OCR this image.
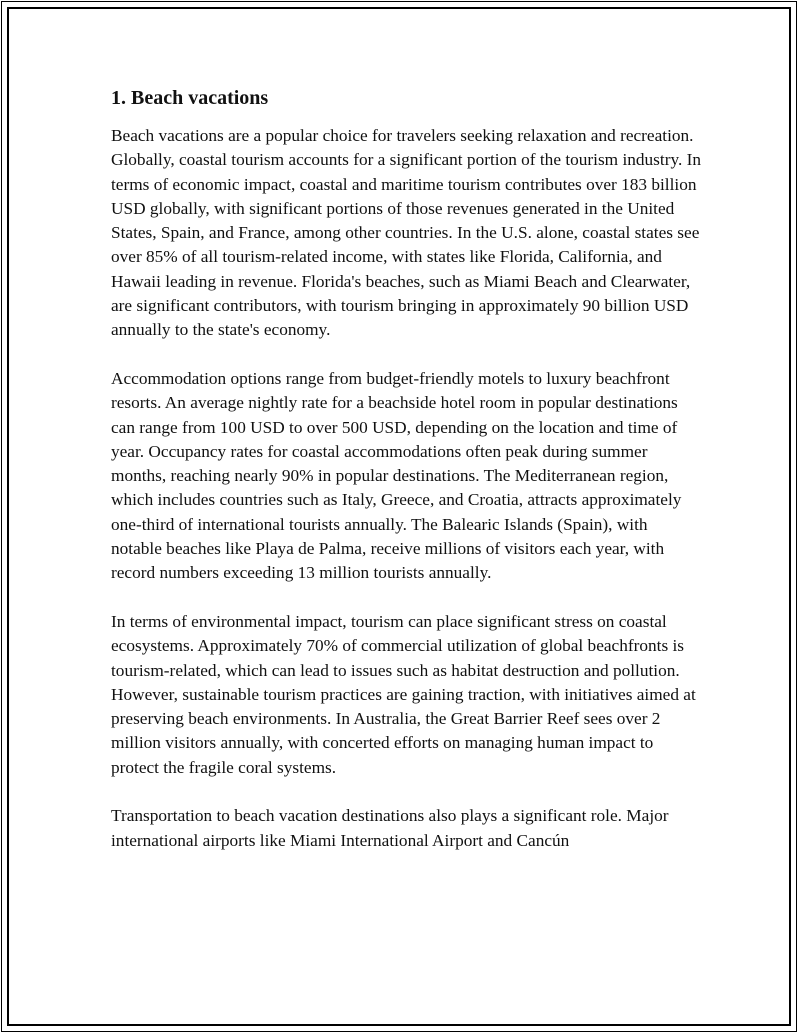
1. Beach vacations

Beach vacations are a popular choice for travelers seeking relaxation and recreation. Globally, coastal tourism accounts for a significant portion of the tourism industry. In terms of economic impact, coastal and maritime tourism contributes over 183 billion USD globally, with significant portions of those revenues generated in the United States, Spain, and France, among other countries. In the U.S. alone, coastal states see over 85% of all tourism-related income, with states like Florida, California, and Hawaii leading in revenue. Florida's beaches, such as Miami Beach and Clearwater, are significant contributors, with tourism bringing in approximately 90 billion USD annually to the state's economy.

Accommodation options range from budget-friendly motels to luxury beachfront resorts. An average nightly rate for a beachside hotel room in popular destinations can range from 100 USD to over 500 USD, depending on the location and time of year. Occupancy rates for coastal accommodations often peak during summer months, reaching nearly 90% in popular destinations. The Mediterranean region, which includes countries such as Italy, Greece, and Croatia, attracts approximately one-third of international tourists annually. The Balearic Islands (Spain), with notable beaches like Playa de Palma, receive millions of visitors each year, with record numbers exceeding 13 million tourists annually.

In terms of environmental impact, tourism can place significant stress on coastal ecosystems. Approximately 70% of commercial utilization of global beachfronts is tourism-related, which can lead to issues such as habitat destruction and pollution. However, sustainable tourism practices are gaining traction, with initiatives aimed at preserving beach environments. In Australia, the Great Barrier Reef sees over 2 million visitors annually, with concerted efforts on managing human impact to protect the fragile coral systems.

Transportation to beach vacation destinations also plays a significant role. Major international airports like Miami International Airport and Cancún
